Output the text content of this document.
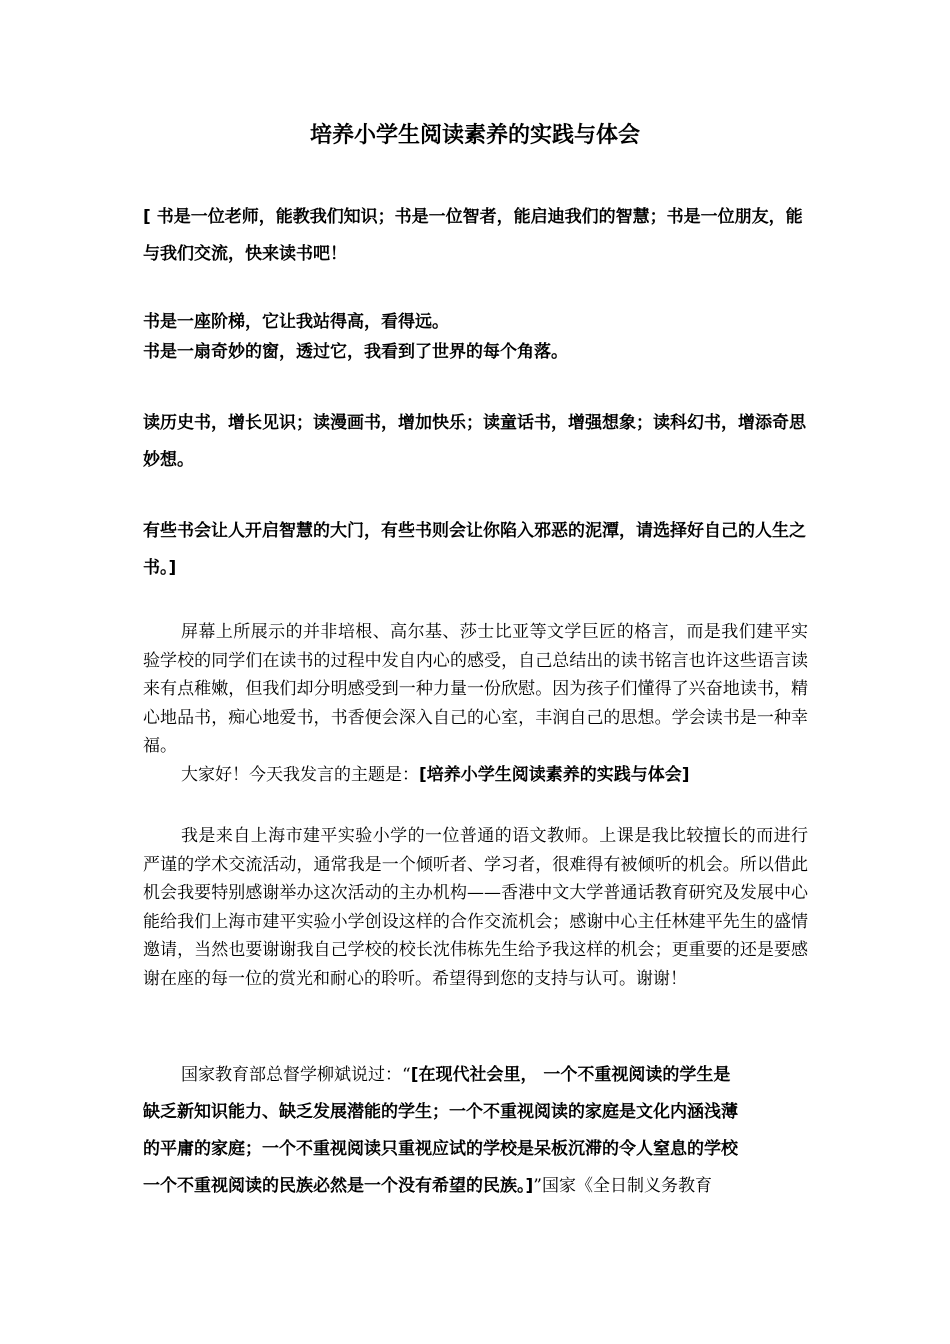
培养小学生阅读素养的实践与体会

[ 书是一位老师，能教我们知识；书是一位智者，能启迪我们的智慧；书是一位朋友，能与我们交流，快来读书吧！

书是一座阶梯，它让我站得高，看得远。
书是一扇奇妙的窗，透过它，我看到了世界的每个角落。

读历史书，增长见识；读漫画书，增加快乐；读童话书，增强想象；读科幻书，增添奇思妙想。

有些书会让人开启智慧的大门，有些书则会让你陷入邪恶的泥潭，请选择好自己的人生之书。]

屏幕上所展示的并非培根、高尔基、莎士比亚等文学巨匠的格言，而是我们建平实验学校的同学们在读书的过程中发自内心的感受，自己总结出的读书铭言也许这些语言读来有点稚嫩，但我们却分明感受到一种力量一份欣慰。因为孩子们懂得了兴奋地读书，精心地品书，痴心地爱书，书香便会深入自己的心室，丰润自己的思想。学会读书是一种幸福。

大家好！今天我发言的主题是：[培养小学生阅读素养的实践与体会]

我是来自上海市建平实验小学的一位普通的语文教师。上课是我比较擅长的而进行严谨的学术交流活动，通常我是一个倾听者、学习者，很难得有被倾听的机会。所以借此机会我要特别感谢举办这次活动的主办机构——香港中文大学普通话教育研究及发展中心能给我们上海市建平实验小学创设这样的合作交流机会；感谢中心主任林建平先生的盛情邀请，当然也要谢谢我自己学校的校长沈伟栋先生给予我这样的机会；更重要的还是要感谢在座的每一位的赏光和耐心的聆听。希望得到您的支持与认可。谢谢！

国家教育部总督学柳斌说过：“[在现代社会里， 一个不重视阅读的学生是
缺乏新知识能力、缺乏发展潜能的学生；一个不重视阅读的家庭是文化内涵浅薄
的平庸的家庭；一个不重视阅读只重视应试的学校是呆板沉滞的令人窒息的学校
一个不重视阅读的民族必然是一个没有希望的民族。]”国家《全日制义务教育
